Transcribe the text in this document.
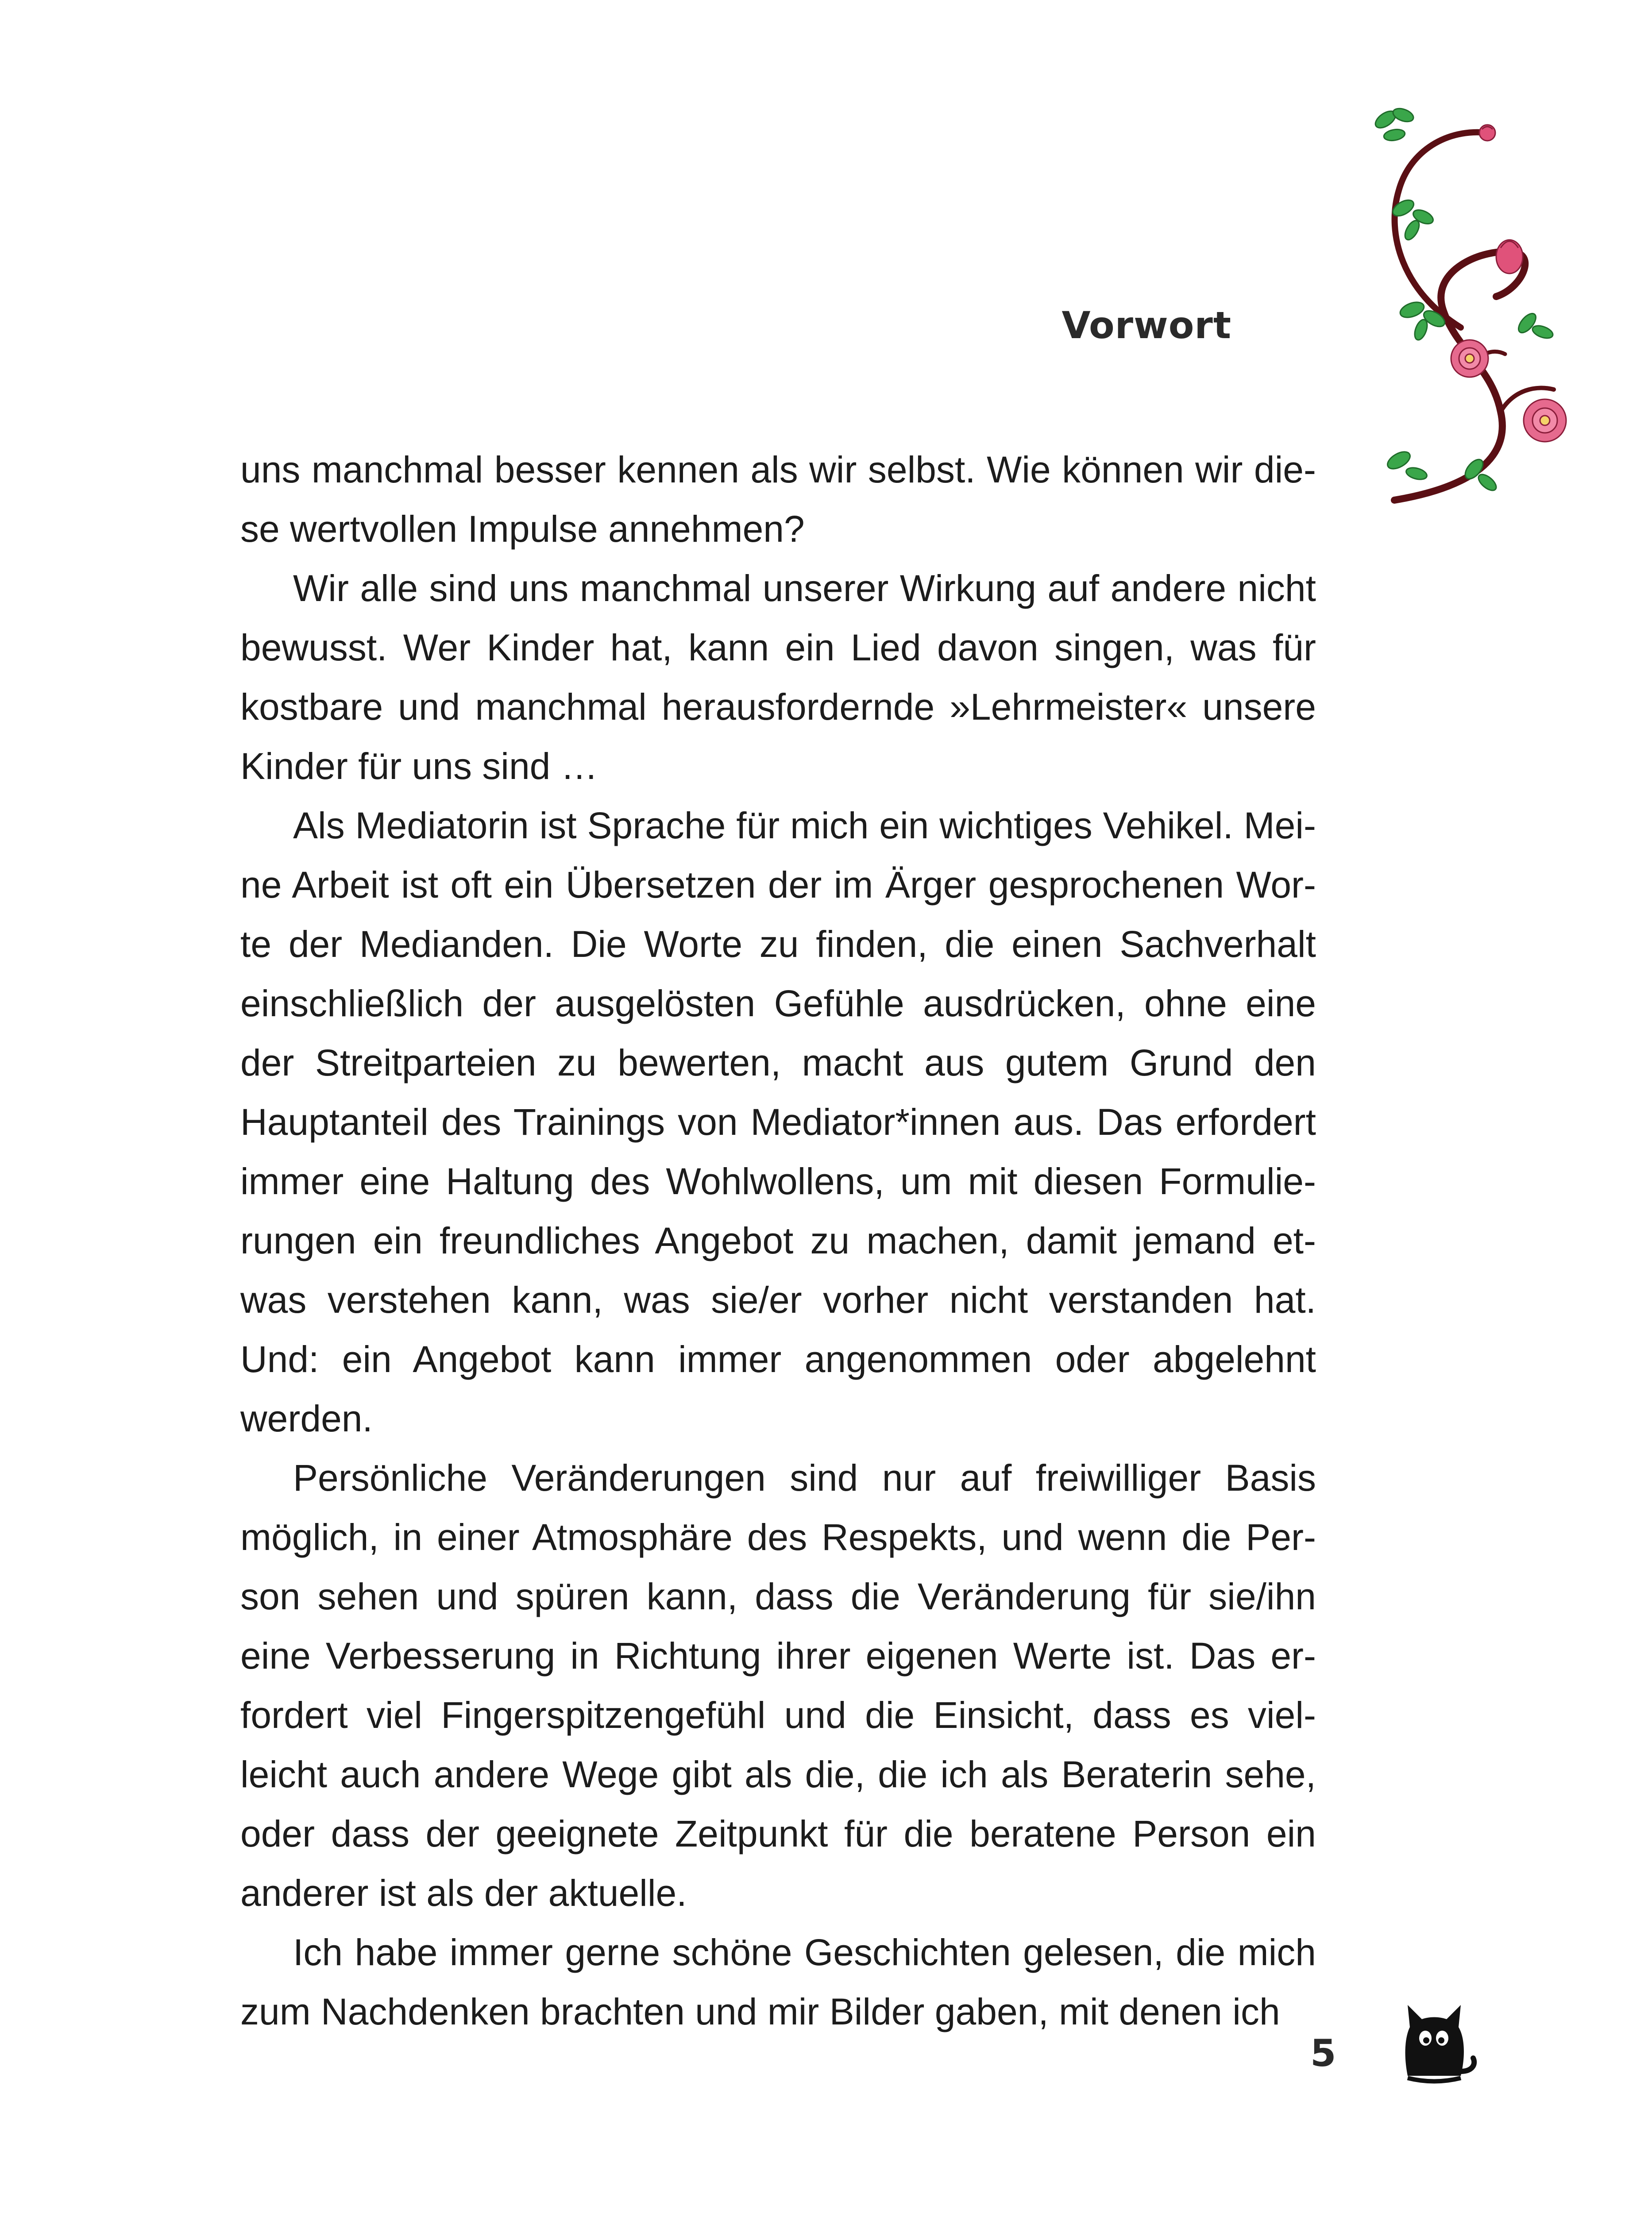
Vorwort

uns manchmal besser kennen als wir selbst. Wie können wir diese wertvollen Impulse annehmen?

Wir alle sind uns manchmal unserer Wirkung auf andere nicht bewusst. Wer Kinder hat, kann ein Lied davon singen, was für kostbare und manchmal herausfordernde »Lehrmeister« unsere Kinder für uns sind …

Als Mediatorin ist Sprache für mich ein wichtiges Vehikel. Meine Arbeit ist oft ein Übersetzen der im Ärger gesprochenen Worte der Medianden. Die Worte zu finden, die einen Sachverhalt einschließlich der ausgelösten Gefühle ausdrücken, ohne eine der Streitparteien zu bewerten, macht aus gutem Grund den Hauptanteil des Trainings von Mediator*innen aus. Das erfordert immer eine Haltung des Wohlwollens, um mit diesen Formulierungen ein freundliches Angebot zu machen, damit jemand etwas verstehen kann, was sie/er vorher nicht verstanden hat. Und: ein Angebot kann immer angenommen oder abgelehnt werden.

Persönliche Veränderungen sind nur auf freiwilliger Basis möglich, in einer Atmosphäre des Respekts, und wenn die Person sehen und spüren kann, dass die Veränderung für sie/ihn eine Verbesserung in Richtung ihrer eigenen Werte ist. Das erfordert viel Fingerspitzengefühl und die Einsicht, dass es vielleicht auch andere Wege gibt als die, die ich als Beraterin sehe, oder dass der geeignete Zeitpunkt für die beratene Person ein anderer ist als der aktuelle.

Ich habe immer gerne schöne Geschichten gelesen, die mich zum Nachdenken brachten und mir Bilder gaben, mit denen ich

5
